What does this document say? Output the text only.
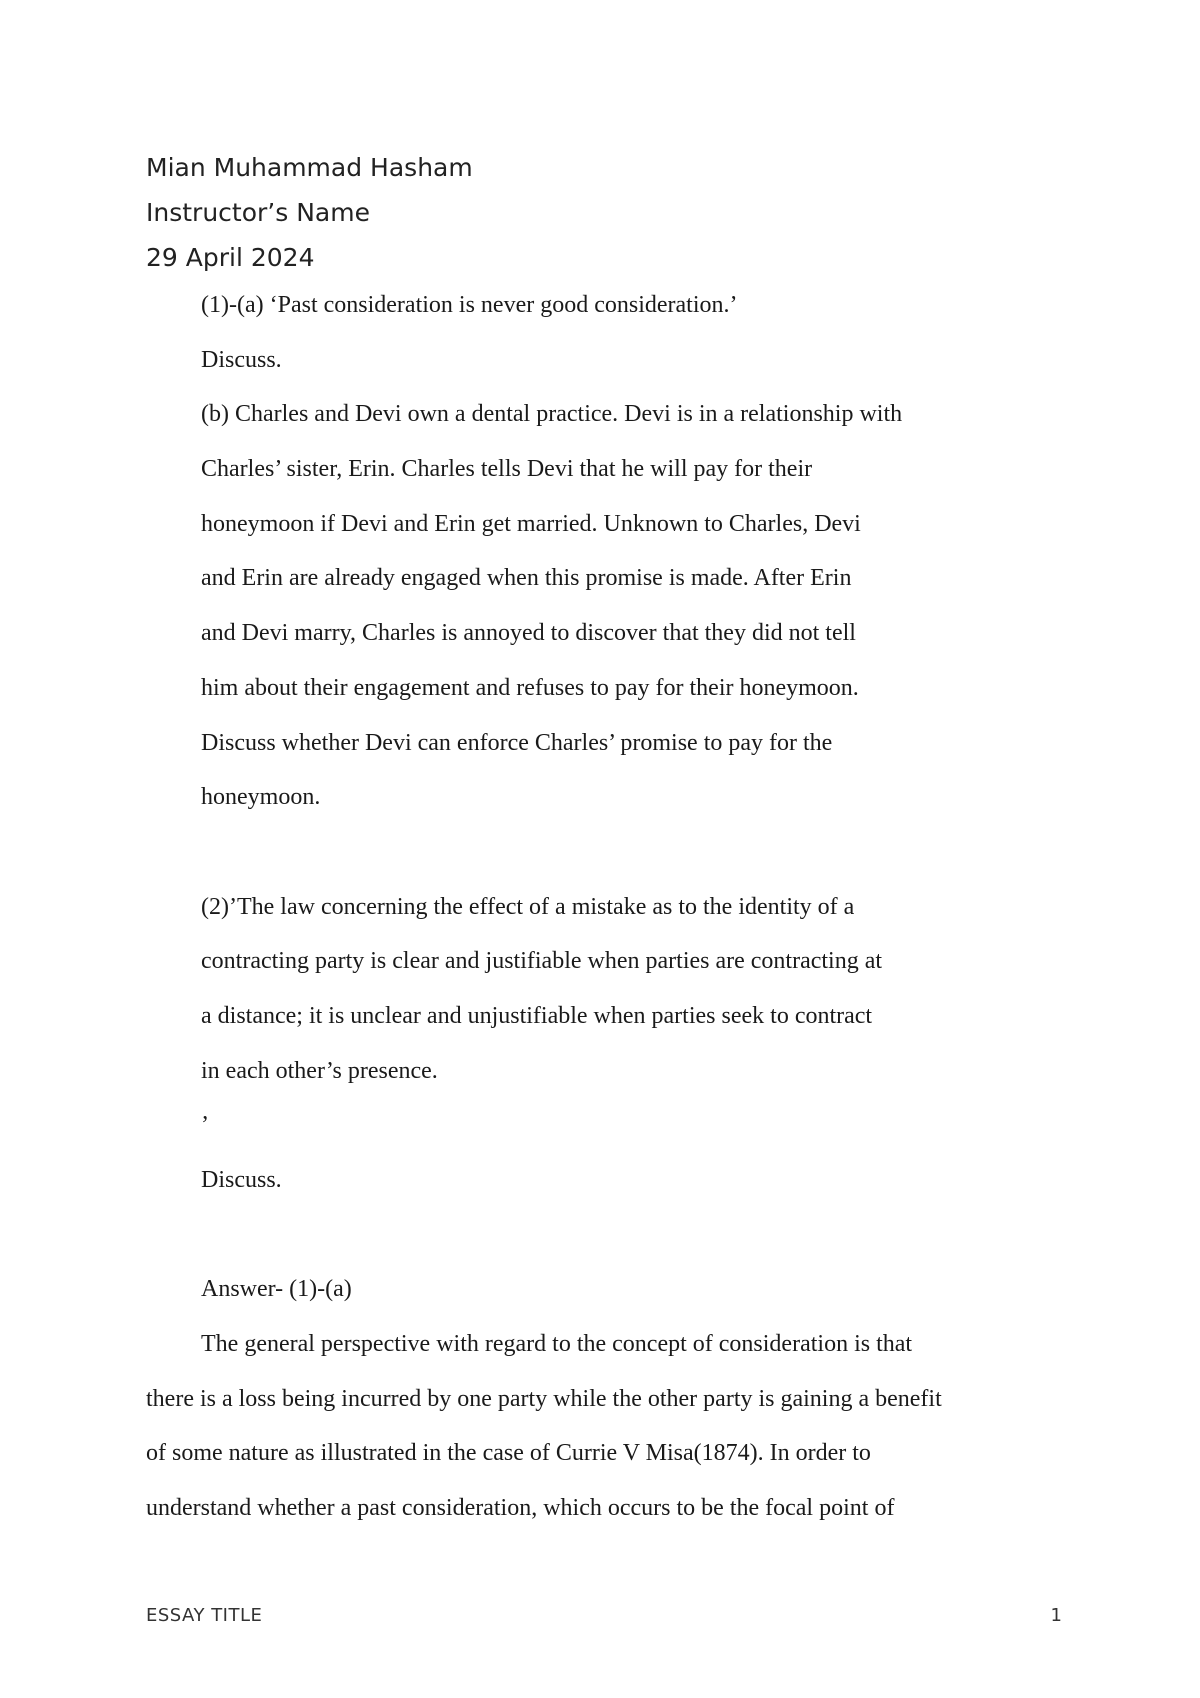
Mian Muhammad Hasham
Instructor’s Name
29 April 2024
(1)-(a) ‘Past consideration is never good consideration.’
Discuss.
(b) Charles and Devi own a dental practice. Devi is in a relationship with
Charles’ sister, Erin. Charles tells Devi that he will pay for their
honeymoon if Devi and Erin get married. Unknown to Charles, Devi
and Erin are already engaged when this promise is made. After Erin
and Devi marry, Charles is annoyed to discover that they did not tell
him about their engagement and refuses to pay for their honeymoon.
Discuss whether Devi can enforce Charles’ promise to pay for the
honeymoon.
(2)’The law concerning the effect of a mistake as to the identity of a
contracting party is clear and justifiable when parties are contracting at
a distance; it is unclear and unjustifiable when parties seek to contract
in each other’s presence.
’
Discuss.
Answer- (1)-(a)
The general perspective with regard to the concept of consideration is that
there is a loss being incurred by one party while the other party is gaining a benefit
of some nature as illustrated in the case of Currie V Misa(1874). In order to
understand whether a past consideration, which occurs to be the focal point of
ESSAY TITLE	1
